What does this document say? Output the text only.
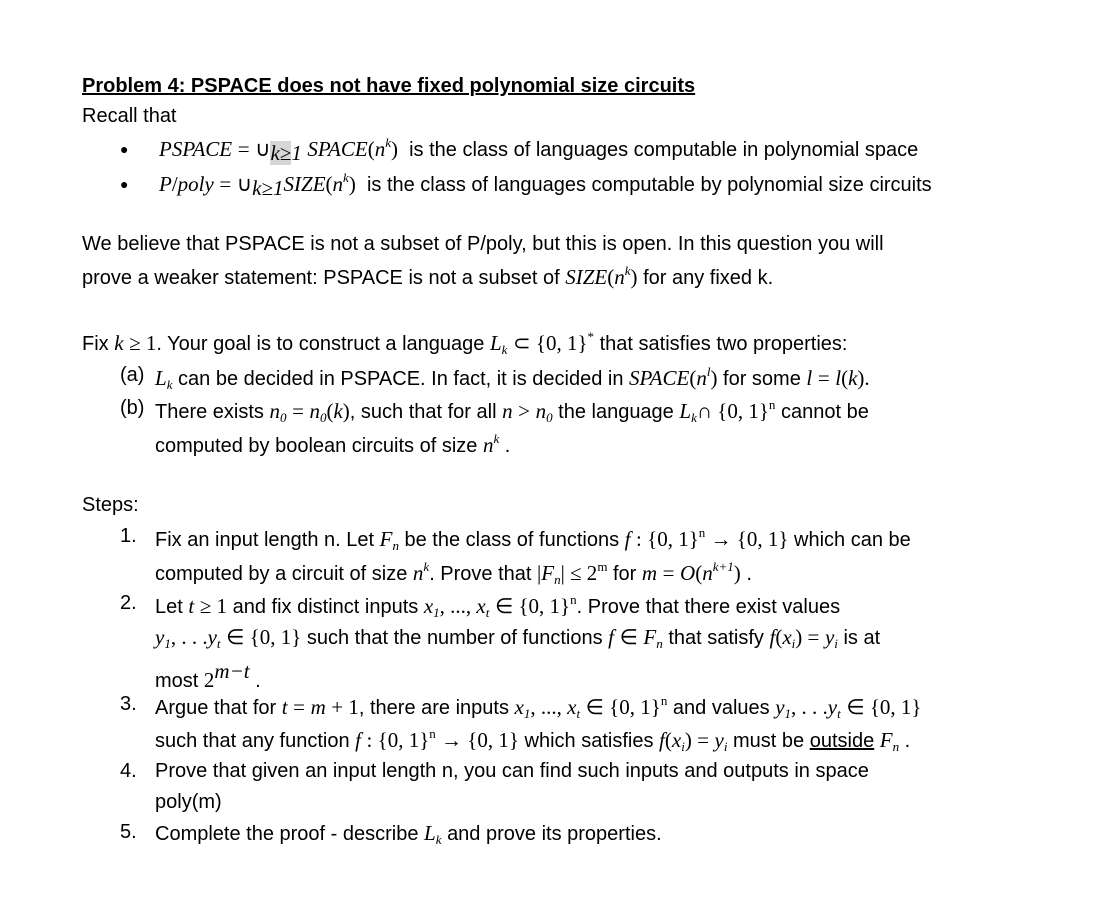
Problem 4: PSPACE does not have fixed polynomial size circuits
Recall that
● PSPACE = $\cup_{k\ge 1}$ $SPACE(n^k)$ is the class of languages computable in polynomial space
● P/poly = $\cup_{k\ge 1}SIZE(n^k)$ is the class of languages computable by polynomial size circuits
We believe that PSPACE is not a subset of P/poly, but this is open. In this question you will
prove a weaker statement: PSPACE is not a subset of $SIZE(n^k)$ for any fixed k.
Fix k ≥ 1. Your goal is to construct a language $L_k$ ⊂ {0, 1}* that satisfies two properties:
(a) $L_k$ can be decided in PSPACE. In fact, it is decided in $SPACE(n^l)$ for some l = l(k).
(b) There exists $n_0 = n_0(k)$, such that for all $n > n_0$ the language $L_k\cap$ {0, 1}$^n$ cannot be
computed by boolean circuits of size $n^k$ .
Steps:
1. Fix an input length n. Let $F_n$ be the class of functions f : {0, 1}$^n$ → {0, 1} which can be
computed by a circuit of size $n^k$. Prove that $|F_n| \le 2^m$ for $m = O(n^{k+1})$ .
2. Let t ≥ 1 and fix distinct inputs $x_1$, ..., $x_t$ ∈ {0, 1}$^n$. Prove that there exist values
$y_1$, . . $.y_t$ ∈ {0, 1} such that the number of functions f ∈ $F_n$ that satisfy $f(x_i) = y_i$ is at
most $2^{m-t}$ .
3. Argue that for t = m + 1, there are inputs $x_1$, ..., $x_t$ ∈ {0, 1}$^n$ and values $y_1$, . . $.y_t$ ∈ {0, 1}
such that any function f : {0, 1}$^n$ → {0, 1} which satisfies $f(x_i) = y_i$ must be outside $F_n$ .
4. Prove that given an input length n, you can find such inputs and outputs in space
poly(m)
5. Complete the proof - describe $L_k$ and prove its properties.
